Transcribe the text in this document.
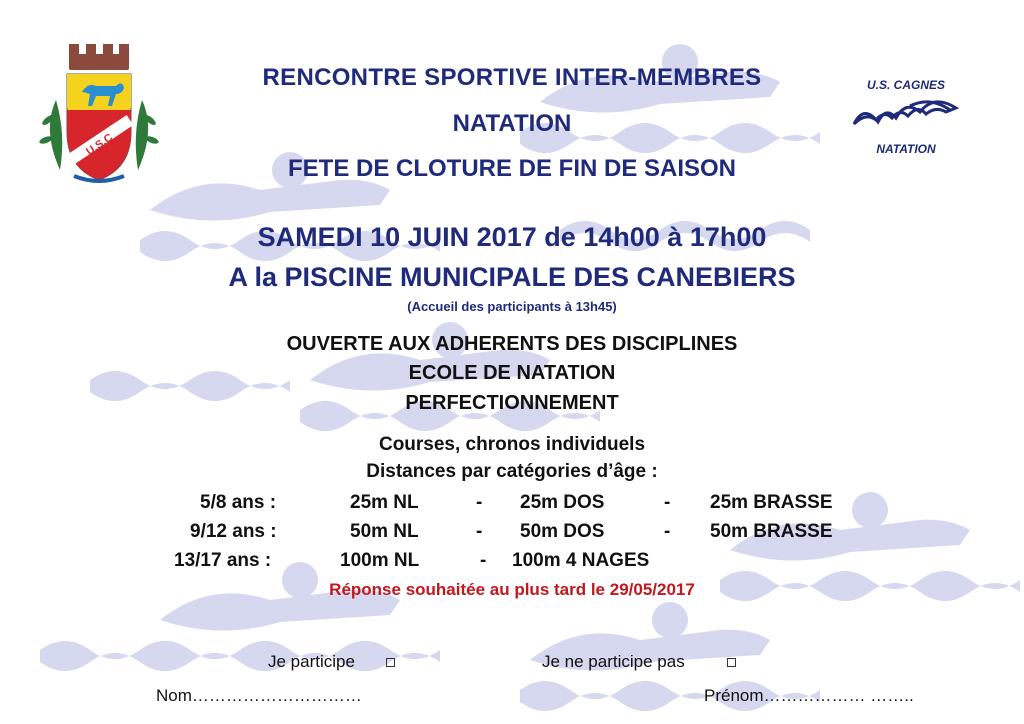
U.S.C
U.S. CAGNES
NATATION
RENCONTRE SPORTIVE INTER-MEMBRES
NATATION
FETE DE CLOTURE DE FIN DE SAISON
SAMEDI 10 JUIN 2017 de 14h00 à 17h00
A la PISCINE MUNICIPALE DES CANEBIERS
(Accueil des participants à 13h45)
OUVERTE AUX ADHERENTS DES DISCIPLINES
ECOLE DE NATATION
PERFECTIONNEMENT
Courses, chronos individuels
Distances par catégories d’âge :
5/8 ans :	25m NL	- 25m DOS	- 25m BRASSE
9/12 ans :	50m NL	- 50m DOS	- 50m BRASSE
13/17 ans :	100m NL	- 100m 4 NAGES
Réponse souhaitée au plus tard le 29/05/2017
Je participe	Je ne participe pas
Nom…………………………	Prénom……………… ……..
